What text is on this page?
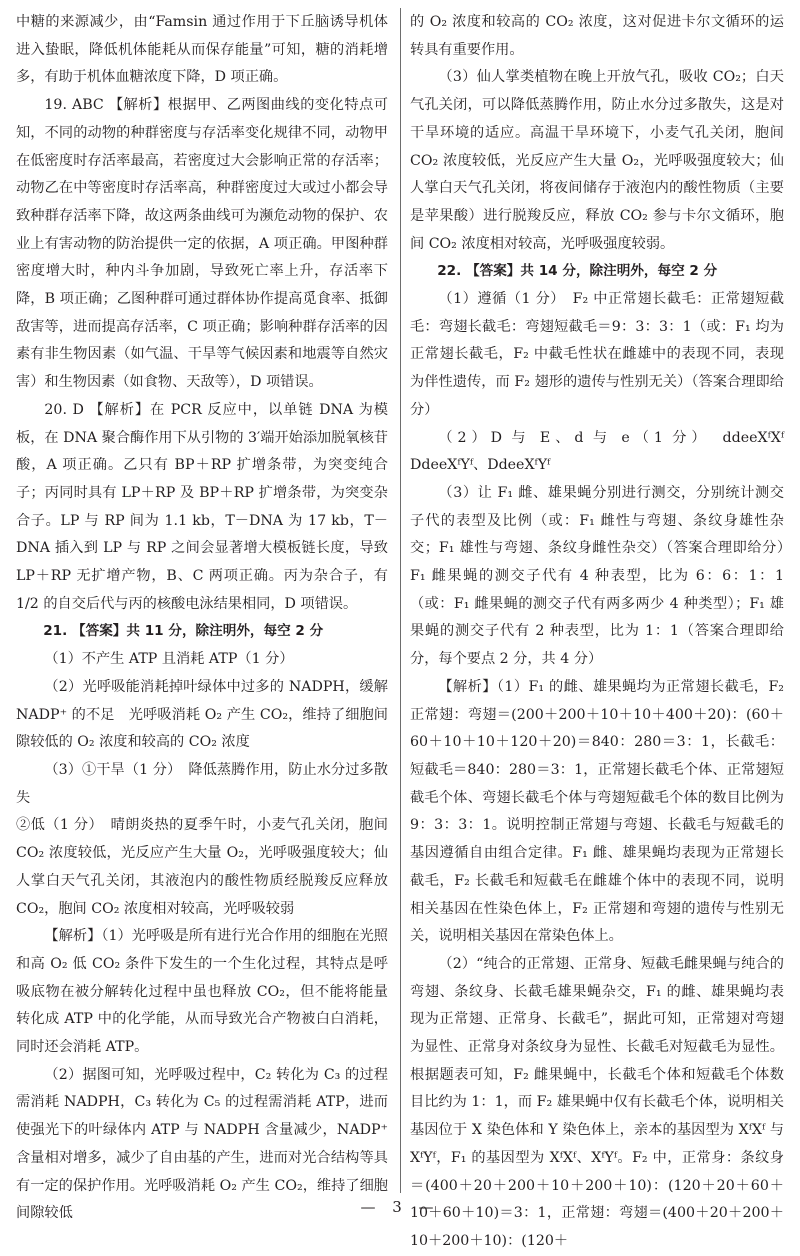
中糖的来源减少，由“Famsin 通过作用于下丘脑诱导机体进入蛰眠，降低机体能耗从而保存能量”可知，糖的消耗增多，有助于机体血糖浓度下降，D 项正确。

19. ABC 【解析】根据甲、乙两图曲线的变化特点可知，不同的动物的种群密度与存活率变化规律不同，动物甲在低密度时存活率最高，若密度过大会影响正常的存活率；动物乙在中等密度时存活率高，种群密度过大或过小都会导致种群存活率下降，故这两条曲线可为濒危动物的保护、农业上有害动物的防治提供一定的依据，A 项正确。甲图种群密度增大时，种内斗争加剧，导致死亡率上升，存活率下降，B 项正确；乙图种群可通过群体协作提高觅食率、抵御敌害等，进而提高存活率，C 项正确；影响种群存活率的因素有非生物因素（如气温、干旱等气候因素和地震等自然灾害）和生物因素（如食物、天敌等），D 项错误。

20. D 【解析】在 PCR 反应中，以单链 DNA 为模板，在 DNA 聚合酶作用下从引物的 3′端开始添加脱氧核苷酸，A 项正确。乙只有 BP＋RP 扩增条带，为突变纯合子；丙同时具有 LP＋RP 及 BP＋RP 扩增条带，为突变杂合子。LP 与 RP 间为 1.1 kb，T－DNA 为 17 kb，T－DNA 插入到 LP 与 RP 之间会显著增大模板链长度，导致 LP＋RP 无扩增产物，B、C 两项正确。丙为杂合子，有 1/2 的自交后代与丙的核酸电泳结果相同，D 项错误。

21. 【答案】共 11 分，除注明外，每空 2 分

（1）不产生 ATP 且消耗 ATP（1 分）

（2）光呼吸能消耗掉叶绿体中过多的 NADPH，缓解 NADP⁺ 的不足　光呼吸消耗 O₂ 产生 CO₂，维持了细胞间隙较低的 O₂ 浓度和较高的 CO₂ 浓度

（3）①干旱（1 分）　降低蒸腾作用，防止水分过多散失

②低（1 分）　晴朗炎热的夏季午时，小麦气孔关闭，胞间 CO₂ 浓度较低，光反应产生大量 O₂，光呼吸强度较大；仙人掌白天气孔关闭，其液泡内的酸性物质经脱羧反应释放 CO₂，胞间 CO₂ 浓度相对较高，光呼吸较弱

【解析】（1）光呼吸是所有进行光合作用的细胞在光照和高 O₂ 低 CO₂ 条件下发生的一个生化过程，其特点是呼吸底物在被分解转化过程中虽也释放 CO₂，但不能将能量转化成 ATP 中的化学能，从而导致光合产物被白白消耗，同时还会消耗 ATP。

（2）据图可知，光呼吸过程中，C₂ 转化为 C₃ 的过程需消耗 NADPH，C₃ 转化为 C₅ 的过程需消耗 ATP，进而使强光下的叶绿体内 ATP 与 NADPH 含量减少，NADP⁺ 含量相对增多，减少了自由基的产生，进而对光合结构等具有一定的保护作用。光呼吸消耗 O₂ 产生 CO₂，维持了细胞间隙较低

的 O₂ 浓度和较高的 CO₂ 浓度，这对促进卡尔文循环的运转具有重要作用。

（3）仙人掌类植物在晚上开放气孔，吸收 CO₂；白天气孔关闭，可以降低蒸腾作用，防止水分过多散失，这是对干旱环境的适应。高温干旱环境下，小麦气孔关闭，胞间 CO₂ 浓度较低，光反应产生大量 O₂，光呼吸强度较大；仙人掌白天气孔关闭，将夜间储存于液泡内的酸性物质（主要是苹果酸）进行脱羧反应，释放 CO₂ 参与卡尔文循环，胞间 CO₂ 浓度相对较高，光呼吸强度较弱。

22. 【答案】共 14 分，除注明外，每空 2 分

（1）遵循（1 分）　F₂ 中正常翅长截毛：正常翅短截毛：弯翅长截毛：弯翅短截毛＝9：3：3：1（或：F₁ 均为正常翅长截毛，F₂ 中截毛性状在雌雄中的表现不同，表现为伴性遗传，而 F₂ 翅形的遗传与性别无关）（答案合理即给分）

（2）D 与 E、d 与 e（1 分）　ddeeXᶠXᶠ　DdeeXᶠYᶠ、DdeeXᶠYᶠ

（3）让 F₁ 雌、雄果蝇分别进行测交，分别统计测交子代的表型及比例（或：F₁ 雌性与弯翅、条纹身雄性杂交；F₁ 雄性与弯翅、条纹身雌性杂交）（答案合理即给分）　F₁ 雌果蝇的测交子代有 4 种表型，比为 6：6：1：1（或：F₁ 雌果蝇的测交子代有两多两少 4 种类型）；F₁ 雄果蝇的测交子代有 2 种表型，比为 1：1（答案合理即给分，每个要点 2 分，共 4 分）

【解析】（1）F₁ 的雌、雄果蝇均为正常翅长截毛，F₂ 正常翅：弯翅＝(200＋200＋10＋10＋400＋20)：(60＋60＋10＋10＋120＋20)＝840：280＝3：1，长截毛：短截毛＝840：280＝3：1，正常翅长截毛个体、正常翅短截毛个体、弯翅长截毛个体与弯翅短截毛个体的数目比例为 9：3：3：1。说明控制正常翅与弯翅、长截毛与短截毛的基因遵循自由组合定律。F₁ 雌、雄果蝇均表现为正常翅长截毛，F₂ 长截毛和短截毛在雌雄个体中的表现不同，说明相关基因在性染色体上，F₂ 正常翅和弯翅的遗传与性别无关，说明相关基因在常染色体上。

（2）“纯合的正常翅、正常身、短截毛雌果蝇与纯合的弯翅、条纹身、长截毛雄果蝇杂交，F₁ 的雌、雄果蝇均表现为正常翅、正常身、长截毛”，据此可知，正常翅对弯翅为显性、正常身对条纹身为显性、长截毛对短截毛为显性。根据题表可知，F₂ 雌果蝇中，长截毛个体和短截毛个体数目比约为 1：1，而 F₂ 雄果蝇中仅有长截毛个体，说明相关基因位于 X 染色体和 Y 染色体上，亲本的基因型为 XᶠXᶠ 与 XᶠYᶠ，F₁ 的基因型为 XᶠXᶠ、XᶠYᶠ。F₂ 中，正常身：条纹身＝(400＋20＋200＋10＋200＋10)：(120＋20＋60＋10＋60＋10)＝3：1，正常翅：弯翅＝(400＋20＋200＋10＋200＋10)：(120＋

— 3 —
